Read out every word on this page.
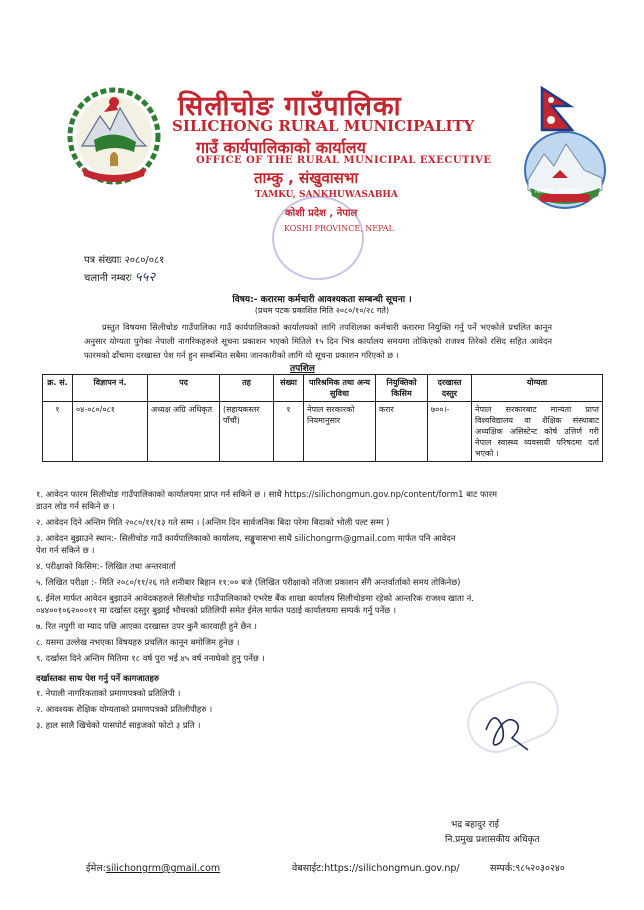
सिलीचोङ गाउँपालिका
सिलीचोङ गाउँपालिका
SILICHONG RURAL MUNICIPALITY
गाउँ कार्यपालिकाको कार्यालय
OFFICE OF THE RURAL MUNICIPAL EXECUTIVE
ताम्कु , संखुवासभा
TAMKU, SANKHUWASABHA
कोशी प्रदेश , नेपाल
KOSHI PROVINCE, NEPAL
पत्र संख्याः २०८०/०८१
चलानी नम्बरः ५५२
विषय:- करारमा कर्मचारी आवश्यकता सम्बन्धी सूचना ।
(प्रथम पटक प्रकाशित मिति २०८०/१०/२८ गते)
प्रस्तुत विषयमा सिलीचोङ गाउँपालिका गाउँ कार्यपालिकाको कार्यालयको लागि तपशिलका कर्मचारी करारमा नियुक्ति गर्नु पर्ने भएकोले प्रचलित कानून अनुसार योग्यता पुगेका नेपाली नागरिकहरूले सूचना प्रकाशन भएको मितिले १५ दिन भित्र कार्यालय समयमा तोकिएको राजश्व तिरेको रसिद सहित आवेदन फारमको ढाँचामा दरखास्त पेश गर्न हुन सम्बन्धित सबैमा जानकारीको लागि यो सूचना प्रकाशन गरिएको छ ।
तपशिल
क्र. सं.	विज्ञापन नं.	पद	तह	संख्या	पारिश्रमिक तथा अन्य सुविधा	नियुक्तिको किसिम	दरखास्त दस्तुर	योग्यता
१	०४-०८०/०८१	अध्यक्ष अग्रि अधिकृत	(सहायकस्तर पाँचौं)	१	नेपाल सरकारको नियमानुसार	करार	७००।-	नेपाल सरकारबाट मान्यता प्राप्त विश्वविद्यालय वा शैक्षिक संस्थाबाट अध्यक्षिक असिस्टेन्ट कोर्ष उत्तिर्ण गरी नेपाल स्वास्थ्य व्यवसायी परिषदमा दर्ता भएको ।
१. आवेदन फारम सिलीचोङ गाउँपालिकाको कार्यालयमा प्राप्त गर्न सकिने छ । साथै https://silichongmun.gov.np/content/form1 बाट फारम
डाउन लोड गर्न सकिने छ ।
२. आवेदन दिने अन्तिम मिति २०८०/११/१३ गते सम्म । (अन्तिम दिन सार्वजनिक बिदा परेमा बिदाको भोली पल्ट सम्म )
३. आवेदन बुझाउने स्थान:- सिलीचोङ गाउँ कार्यपालिकाको कार्यालय, सङ्खुवासभा साथै silichongrm@gmail.com मार्फत पनि आवेदन
पेश गर्न सकिने छ ।
४. परीक्षाको किसिम:- लिखित तथा अन्तरवार्ता
५. लिखित परीक्षा :- मिति २०८०/११/२६ गते शनीबार बिहान ११:०० बजे (लिखित परीक्षाको नतिजा प्रकाशन सँगै अन्तर्वार्ताको समय तोकिनेछ)
६. ईमेल मार्फत आवेदन बुझाउने आवेदकहरुले सिलीचोङ गाउँपालिकाको एभरेष्ट बैंक शाखा कार्यालय सिलीचोङमा रहेको आन्तरिक राजश्व खाता नं.
०४४००१०६२०००११ मा दर्खास्त दस्तुर बुझाई भौचरको प्रतिलिपी समेत ईमेल मार्फत पठाई कार्यालयमा सम्पर्क गर्नु पर्नेछ ।
७. रित नपुगी वा म्याद पछि आएका दरखास्त उपर कुनै कारवाही हुने छैन ।
८. यसमा उल्लेख नभएका विषयहरु प्रचलित कानून बमोजिम हुनेछ ।
९. दर्खास्त दिने अन्तिम मितिमा १८ वर्ष पुरा भई ४५ वर्ष ननाघेको हुनु पर्नेछ ।
दर्खास्तका साथ पेश गर्नु पर्ने कागजातहरु
१. नेपाली नागरिकताको प्रमाणपत्रको प्रतिलिपी ।
२. आवश्यक शैक्षिक योग्यताको प्रमाणपत्रको प्रतिलीपीहरु ।
३. हाल सालै खिचेको पासपोर्ट साइजको फोटो ३ प्रति ।
भद्र बहादुर राई
नि.प्रमुख प्रशासकीय अधिकृत
ईमेल:silichongrm@gmail.com	वेबसाईट:https://silichongmun.gov.np/	सम्पर्क:९८५२०३०२४०
